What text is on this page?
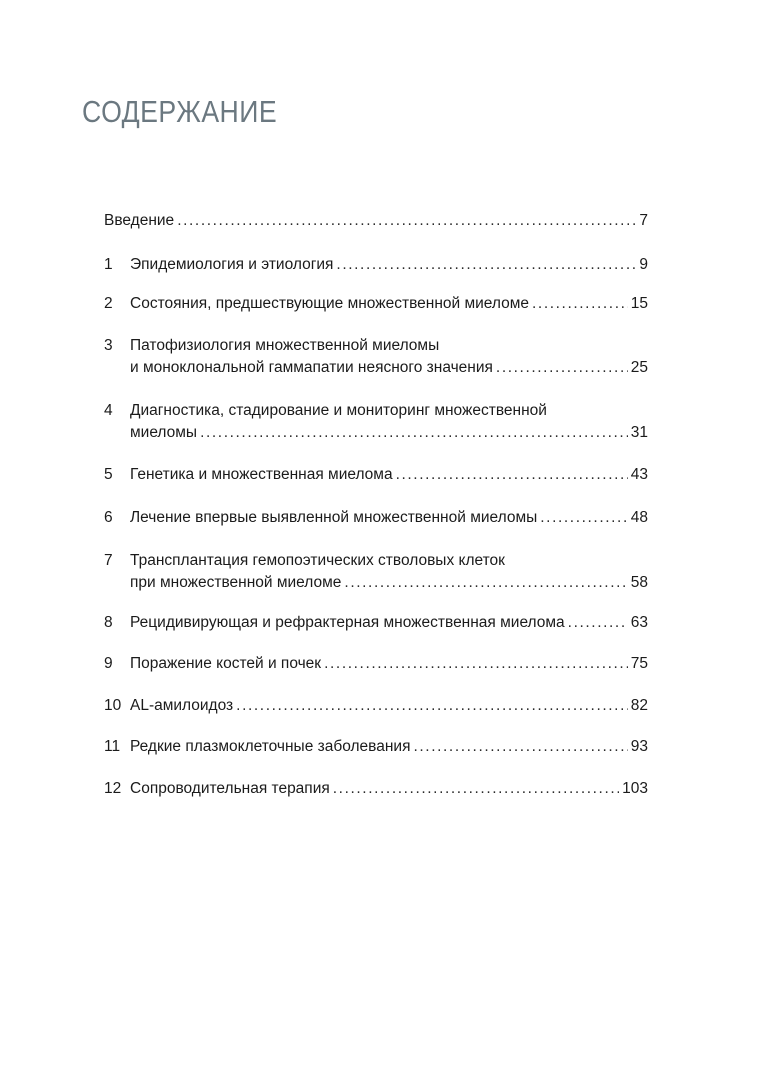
СОДЕРЖАНИЕ
Введение .....	7
1	Эпидемиология и этиология .....	9
2	Состояния, предшествующие множественной миеломе .....	15
3	Патофизиология множественной миеломы
и моноклональной гаммапатии неясного значения .....	25
4	Диагностика, стадирование и мониторинг множественной
миеломы .....	31
5	Генетика и множественная миелома .....	43
6	Лечение впервые выявленной множественной миеломы .....	48
7	Трансплантация гемопоэтических стволовых клеток
при множественной миеломе .....	58
8	Рецидивирующая и рефрактерная множественная миелома .....	63
9	Поражение костей и почек .....	75
10 AL-амилоидоз .....	82
11 Редкие плазмоклеточные заболевания .....	93
12 Сопроводительная терапия .....	103
